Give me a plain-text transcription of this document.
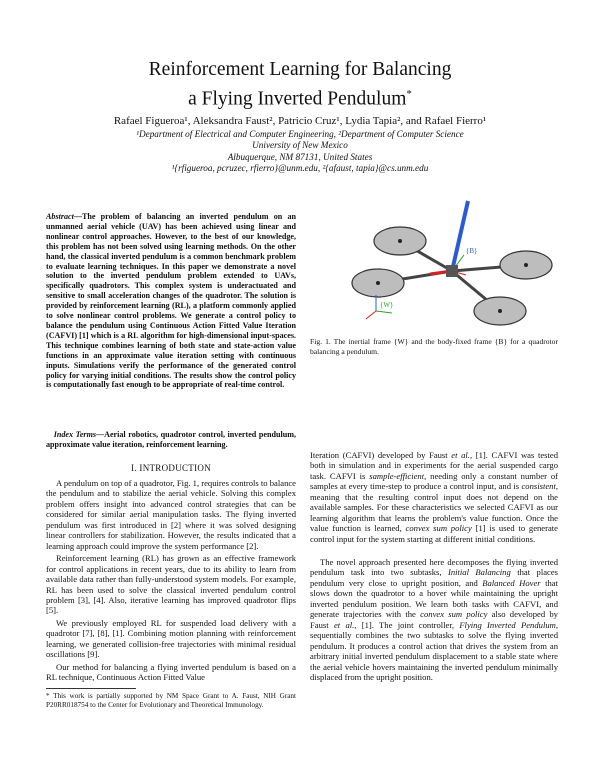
Reinforcement Learning for Balancing
a Flying Inverted Pendulum*
Rafael Figueroa¹, Aleksandra Faust², Patricio Cruz¹, Lydia Tapia², and Rafael Fierro¹
¹Department of Electrical and Computer Engineering, ²Department of Computer Science
University of New Mexico
Albuquerque, NM 87131, United States
¹{rfigueroa, pcruzec, rfierro}@unm.edu, ²{afaust, tapia}@cs.unm.edu
Abstract—The problem of balancing an inverted pendulum on an unmanned aerial vehicle (UAV) has been achieved using linear and nonlinear control approaches. However, to the best of our knowledge, this problem has not been solved using learning methods. On the other hand, the classical inverted pendulum is a common benchmark problem to evaluate learning techniques. In this paper we demonstrate a novel solution to the inverted pendulum problem extended to UAVs, specifically quadrotors. This complex system is underactuated and sensitive to small acceleration changes of the quadrotor. The solution is provided by reinforcement learning (RL), a platform commonly applied to solve nonlinear control problems. We generate a control policy to balance the pendulum using Continuous Action Fitted Value Iteration (CAFVI) [1] which is a RL algorithm for high-dimensional input-spaces. This technique combines learning of both state and state-action value functions in an approximate value iteration setting with continuous inputs. Simulations verify the performance of the generated control policy for varying initial conditions. The results show the control policy is computationally fast enough to be appropriate of real-time control.
Index Terms—Aerial robotics, quadrotor control, inverted pendulum, approximate value iteration, reinforcement learning.
I. INTRODUCTION

A pendulum on top of a quadrotor, Fig. 1, requires controls to balance the pendulum and to stabilize the aerial vehicle. Solving this complex problem offers insight into advanced control strategies that can be considered for similar aerial manipulation tasks. The flying inverted pendulum was first introduced in [2] where it was solved designing linear controllers for stabilization. However, the results indicated that a learning approach could improve the system performance [2].

Reinforcement learning (RL) has grown as an effective framework for control applications in recent years, due to its ability to learn from available data rather than fully-understood system models. For example, RL has been used to solve the classical inverted pendulum control problem [3], [4]. Also, iterative learning has improved quadrotor flips [5].

We previously employed RL for suspended load delivery with a quadrotor [7], [8], [1]. Combining motion planning with reinforcement learning, we generated collision-free trajectories with minimal residual oscillations [9].

Our method for balancing a flying inverted pendulum is based on a RL technique, Continuous Action Fitted Value

* This work is partially supported by NM Space Grant to A. Faust, NIH Grant P20RR018754 to the Center for Evolutionary and Theoretical Immunology.
{B}
{W}
Fig. 1. The inertial frame {W} and the body-fixed frame {B} for a quadrotor balancing a pendulum.

Iteration (CAFVI) developed by Faust et al., [1]. CAFVI was tested both in simulation and in experiments for the aerial suspended cargo task. CAFVI is sample-efficient, needing only a constant number of samples at every time-step to produce a control input, and is consistent, meaning that the resulting control input does not depend on the available samples. For these characteristics we selected CAFVI as our learning algorithm that learns the problem's value function. Once the value function is learned, convex sum policy [1] is used to generate control input for the system starting at different initial conditions.

The novel approach presented here decomposes the flying inverted pendulum task into two subtasks, Initial Balancing that places pendulum very close to upright position, and Balanced Hover that slows down the quadrotor to a hover while maintaining the upright inverted pendulum position. We learn both tasks with CAFVI, and generate trajectories with the convex sum policy also developed by Faust et al., [1]. The joint controller, Flying Inverted Pendulum, sequentially combines the two subtasks to solve the flying inverted pendulum. It produces a control action that drives the system from an arbitrary initial inverted pendulum displacement to a stable state where the aerial vehicle hovers maintaining the inverted pendulum minimally displaced from the upright position.
